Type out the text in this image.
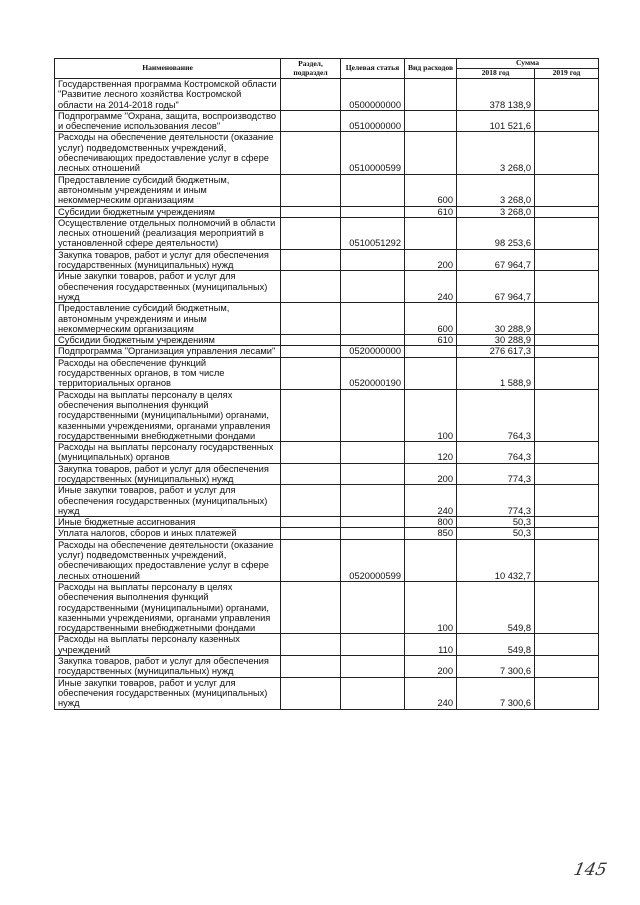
Наименование	Раздел, подраздел	Целевая статья	Вид расходов	Сумма	
				2018 год	2019 год
Государственная программа Костромской области "Развитие лесного хозяйства Костромской области на 2014-2018 годы"		0500000000		378 138,9	
Подпрограмме "Охрана, защита, воспроизводство и обеспечение использования лесов"		0510000000		101 521,6	
Расходы на обеспечение деятельности (оказание услуг) подведомственных учреждений, обеспечивающих предоставление услуг в сфере лесных отношений		0510000599		3 268,0	
Предоставление субсидий бюджетным, автономным учреждениям и иным некоммерческим организациям			600	3 268,0	
Субсидии бюджетным учреждениям			610	3 268,0	
Осуществление отдельных полномочий в области лесных отношений (реализация мероприятий в установленной сфере деятельности)		0510051292		98 253,6	
Закупка товаров, работ и услуг для обеспечения государственных (муниципальных) нужд			200	67 964,7	
Иные закупки товаров, работ и услуг для обеспечения государственных (муниципальных) нужд			240	67 964,7	
Предоставление субсидий бюджетным, автономным учреждениям и иным некоммерческим организациям			600	30 288,9	
Субсидии бюджетным учреждениям			610	30 288,9	
Подпрограмма "Организация управления лесами"		0520000000		276 617,3	
Расходы на обеспечение функций государственных органов, в том числе территориальных органов		0520000190		1 588,9	
Расходы на выплаты персоналу в целях обеспечения выполнения функций государственными (муниципальными) органами, казенными учреждениями, органами управления государственными внебюджетными фондами			100	764,3	
Расходы на выплаты персоналу государственных (муниципальных) органов			120	764,3	
Закупка товаров, работ и услуг для обеспечения государственных (муниципальных) нужд			200	774,3	
Иные закупки товаров, работ и услуг для обеспечения государственных (муниципальных) нужд			240	774,3	
Иные бюджетные ассигнования			800	50,3	
Уплата налогов, сборов и иных платежей			850	50,3	
Расходы на обеспечение деятельности (оказание услуг) подведомственных учреждений, обеспечивающих предоставление услуг в сфере лесных отношений		0520000599		10 432,7	
Расходы на выплаты персоналу в целях обеспечения выполнения функций государственными (муниципальными) органами, казенными учреждениями, органами управления государственными внебюджетными фондами			100	549,8	
Расходы на выплаты персоналу казенных учреждений			110	549,8	
Закупка товаров, работ и услуг для обеспечения государственных (муниципальных) нужд			200	7 300,6	
Иные закупки товаров, работ и услуг для обеспечения государственных (муниципальных) нужд			240	7 300,6	
145
